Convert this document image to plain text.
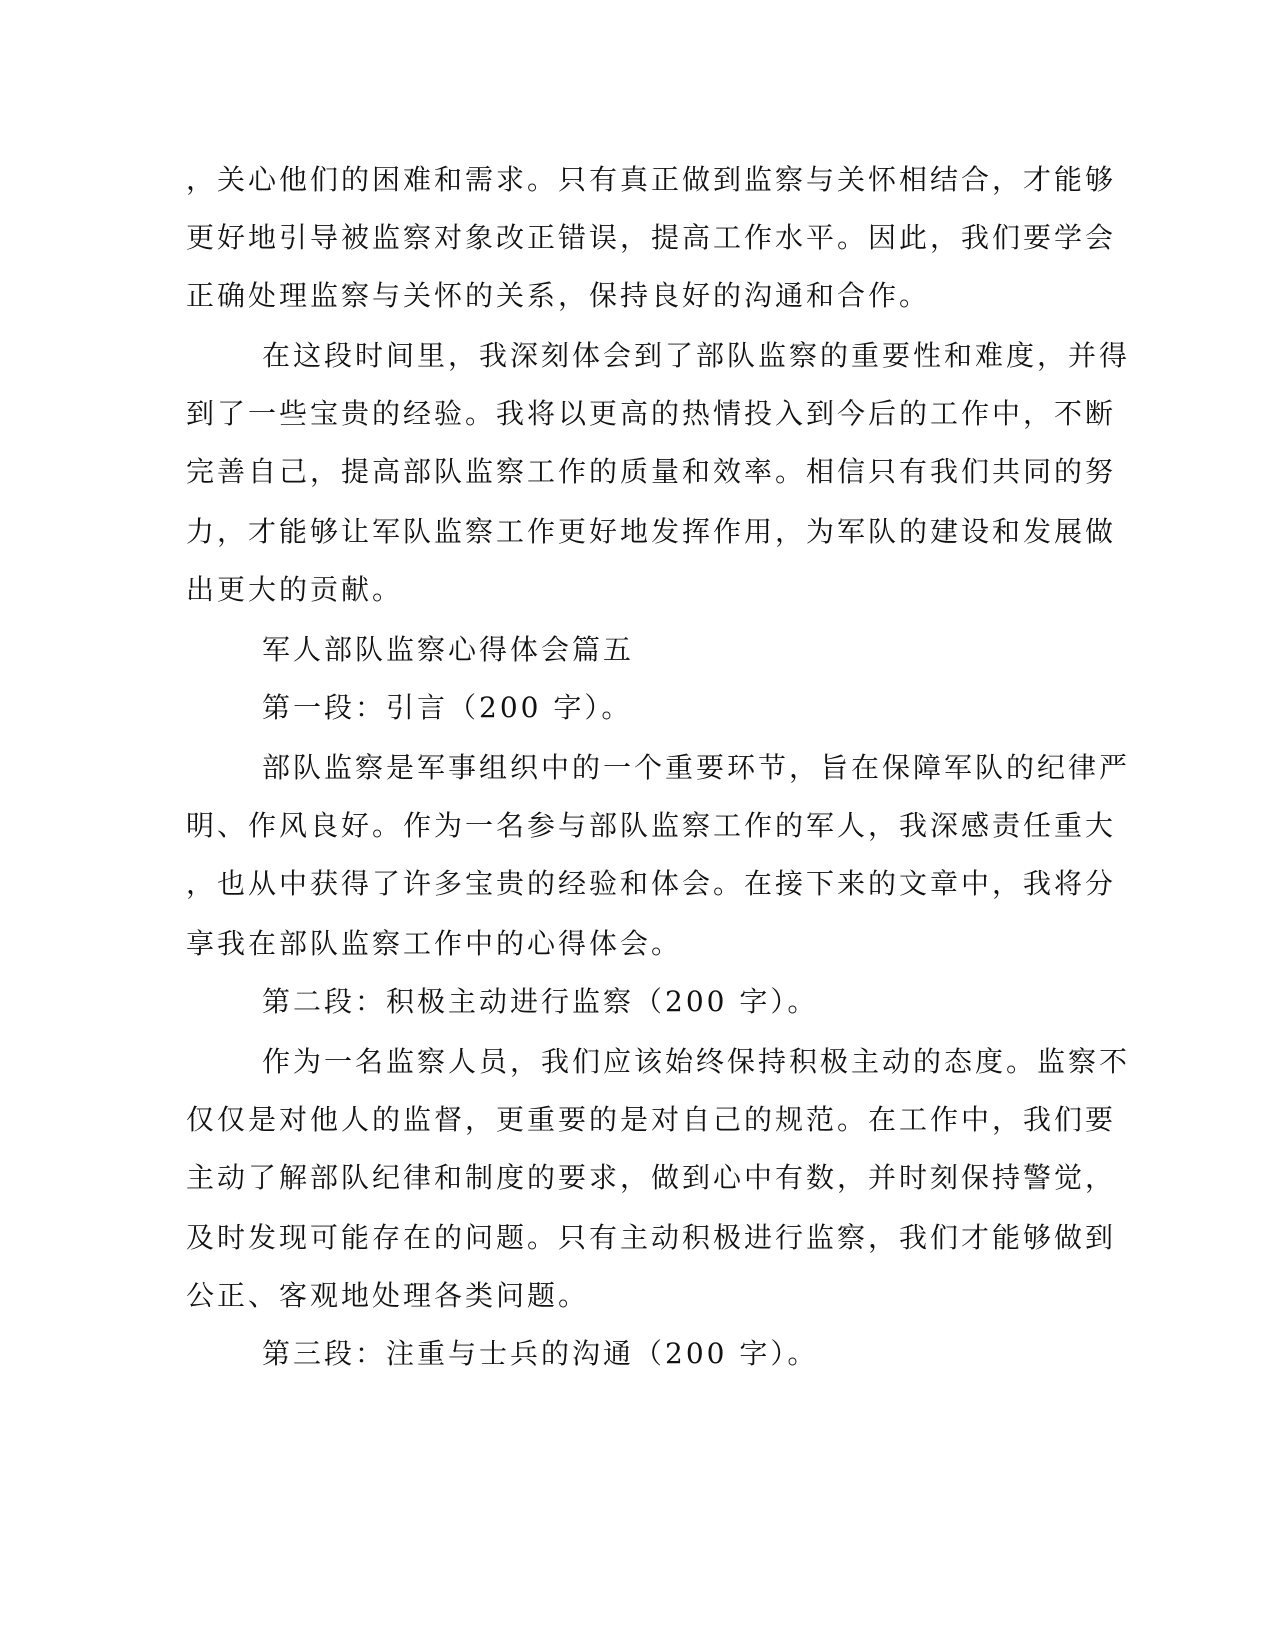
，关心他们的困难和需求。只有真正做到监察与关怀相结合，才能够
更好地引导被监察对象改正错误，提高工作水平。因此，我们要学会
正确处理监察与关怀的关系，保持良好的沟通和合作。
在这段时间里，我深刻体会到了部队监察的重要性和难度，并得
到了一些宝贵的经验。我将以更高的热情投入到今后的工作中，不断
完善自己，提高部队监察工作的质量和效率。相信只有我们共同的努
力，才能够让军队监察工作更好地发挥作用，为军队的建设和发展做
出更大的贡献。
军人部队监察心得体会篇五
第一段：引言（200 字）。
部队监察是军事组织中的一个重要环节，旨在保障军队的纪律严
明、作风良好。作为一名参与部队监察工作的军人，我深感责任重大
，也从中获得了许多宝贵的经验和体会。在接下来的文章中，我将分
享我在部队监察工作中的心得体会。
第二段：积极主动进行监察（200 字）。
作为一名监察人员，我们应该始终保持积极主动的态度。监察不
仅仅是对他人的监督，更重要的是对自己的规范。在工作中，我们要
主动了解部队纪律和制度的要求，做到心中有数，并时刻保持警觉，
及时发现可能存在的问题。只有主动积极进行监察，我们才能够做到
公正、客观地处理各类问题。
第三段：注重与士兵的沟通（200 字）。
